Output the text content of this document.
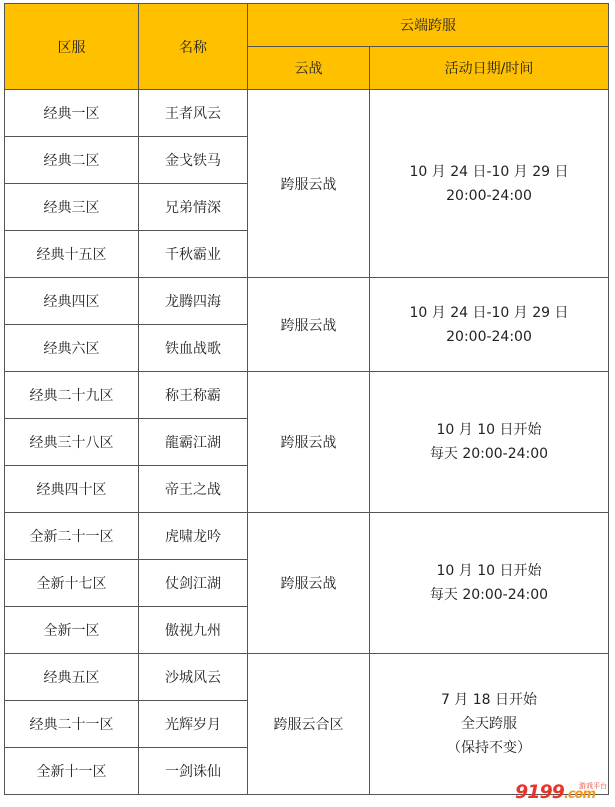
区服	名称	云端跨服	
		云战	活动日期/时间
经典一区	王者风云	跨服云战	10 月 24 日-10 月 29 日
20:00-24:00

经典二区	金戈铁马		
经典三区	兄弟情深		
经典十五区	千秋霸业		
经典四区	龙腾四海	跨服云战	10 月 24 日-10 月 29 日
20:00-24:00

经典六区	铁血战歌		
经典二十九区	称王称霸	跨服云战	10 月 10 日开始
每天 20:00-24:00

经典三十八区	龍霸江湖		
经典四十区	帝王之战		
全新二十一区	虎啸龙吟	跨服云战	10 月 10 日开始
每天 20:00-24:00

全新十七区	仗剑江湖		
全新一区	傲视九州		
经典五区	沙城风云	跨服云合区	7 月 18 日开始
全天跨服
（保持不变）

经典二十一区	光辉岁月		
全新十一区	一剑诛仙		
9199.com
游戏平台
